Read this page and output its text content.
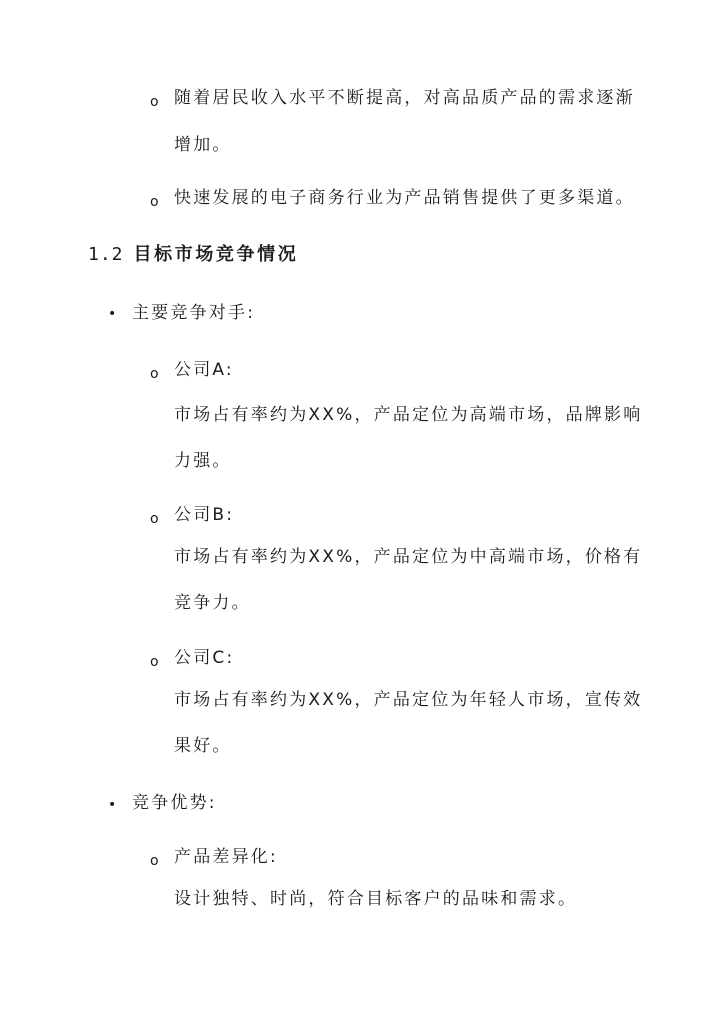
o 随着居民收入水平不断提高，对高品质产品的需求逐渐
增加。
o 快速发展的电子商务行业为产品销售提供了更多渠道。
1.2 目标市场竞争情况
• 主要竞争对手:
o 公司A:
市场占有率约为XX%，产品定位为高端市场，品牌影响
力强。
o 公司B:
市场占有率约为XX%，产品定位为中高端市场，价格有
竞争力。
o 公司C:
市场占有率约为XX%，产品定位为年轻人市场，宣传效
果好。
• 竞争优势:
o 产品差异化:
设计独特、时尚，符合目标客户的品味和需求。
